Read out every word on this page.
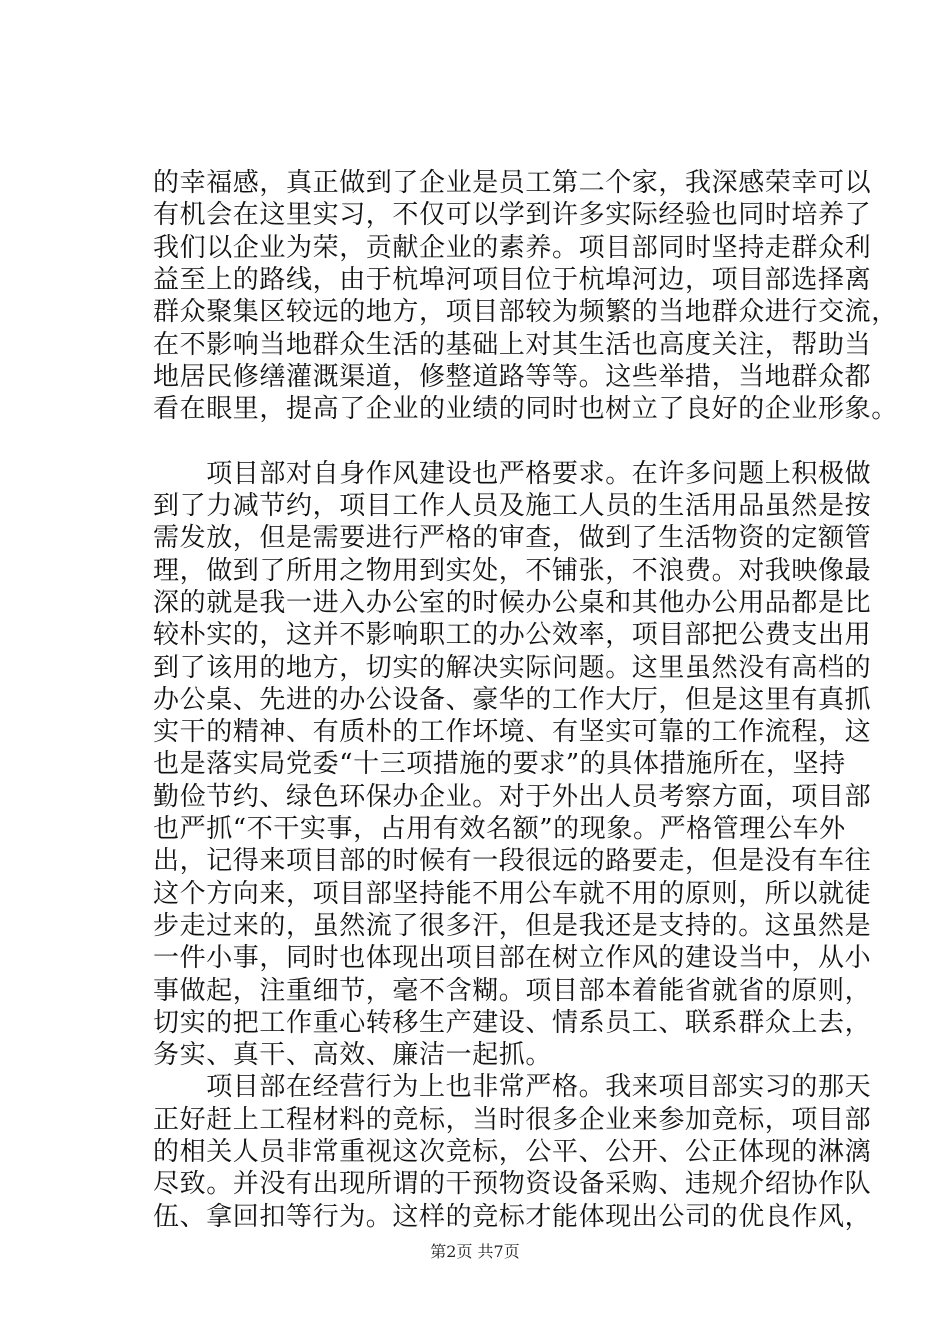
的幸福感，真正做到了企业是员工第二个家，我深感荣幸可以
有机会在这里实习，不仅可以学到许多实际经验也同时培养了
我们以企业为荣，贡献企业的素养。项目部同时坚持走群众利
益至上的路线，由于杭埠河项目位于杭埠河边，项目部选择离
群众聚集区较远的地方，项目部较为频繁的当地群众进行交流，
在不影响当地群众生活的基础上对其生活也高度关注，帮助当
地居民修缮灌溉渠道，修整道路等等。这些举措，当地群众都
看在眼里，提高了企业的业绩的同时也树立了良好的企业形象。
　　项目部对自身作风建设也严格要求。在许多问题上积极做
到了力减节约，项目工作人员及施工人员的生活用品虽然是按
需发放，但是需要进行严格的审查，做到了生活物资的定额管
理，做到了所用之物用到实处，不铺张，不浪费。对我映像最
深的就是我一进入办公室的时候办公桌和其他办公用品都是比
较朴实的，这并不影响职工的办公效率，项目部把公费支出用
到了该用的地方，切实的解决实际问题。这里虽然没有高档的
办公桌、先进的办公设备、豪华的工作大厅，但是这里有真抓
实干的精神、有质朴的工作坏境、有坚实可靠的工作流程，这
也是落实局党委“十三项措施的要求”的具体措施所在，坚持
勤俭节约、绿色环保办企业。对于外出人员考察方面，项目部
也严抓“不干实事，占用有效名额”的现象。严格管理公车外
出，记得来项目部的时候有一段很远的路要走，但是没有车往
这个方向来，项目部坚持能不用公车就不用的原则，所以就徒
步走过来的，虽然流了很多汗，但是我还是支持的。这虽然是
一件小事，同时也体现出项目部在树立作风的建设当中，从小
事做起，注重细节，毫不含糊。项目部本着能省就省的原则，
切实的把工作重心转移生产建设、情系员工、联系群众上去，
务实、真干、高效、廉洁一起抓。
　　项目部在经营行为上也非常严格。我来项目部实习的那天
正好赶上工程材料的竞标，当时很多企业来参加竞标，项目部
的相关人员非常重视这次竞标，公平、公开、公正体现的淋漓
第2页 共7页
尽致。并没有出现所谓的干预物资设备采购、违规介绍协作队
伍、拿回扣等行为。这样的竞标才能体现出公司的优良作风，
